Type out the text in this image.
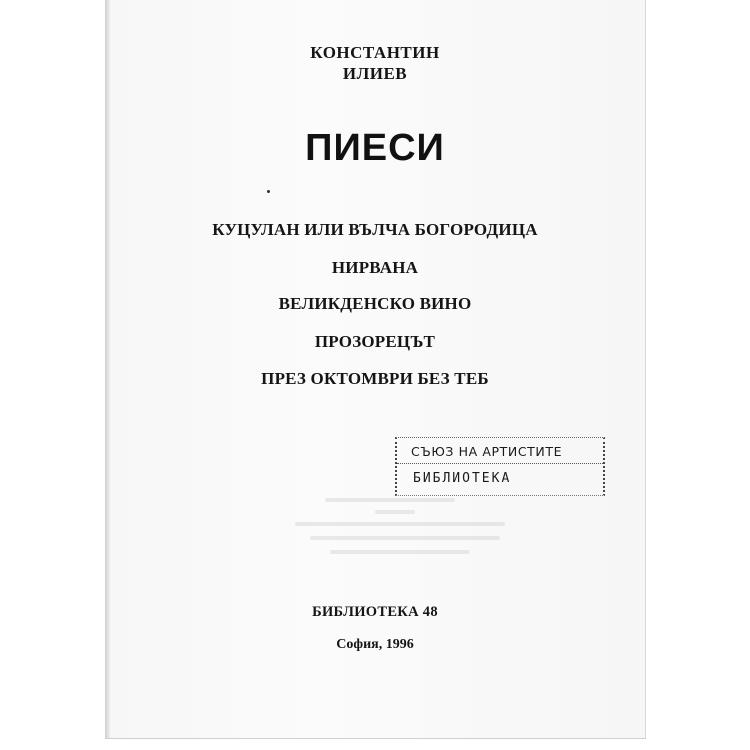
КОНСТАНТИН
ИЛИЕВ
ПИЕСИ
КУЦУЛАН ИЛИ ВЪЛЧА БОГОРОДИЦА
НИРВАНА
ВЕЛИКДЕНСКО ВИНО
ПРОЗОРЕЦЪТ
ПРЕЗ ОКТОМВРИ БЕЗ ТЕБ
СЪЮЗ НА АРТИСТИТЕ
БИБЛИОТЕКА
БИБЛИОТЕКА 48
София, 1996
